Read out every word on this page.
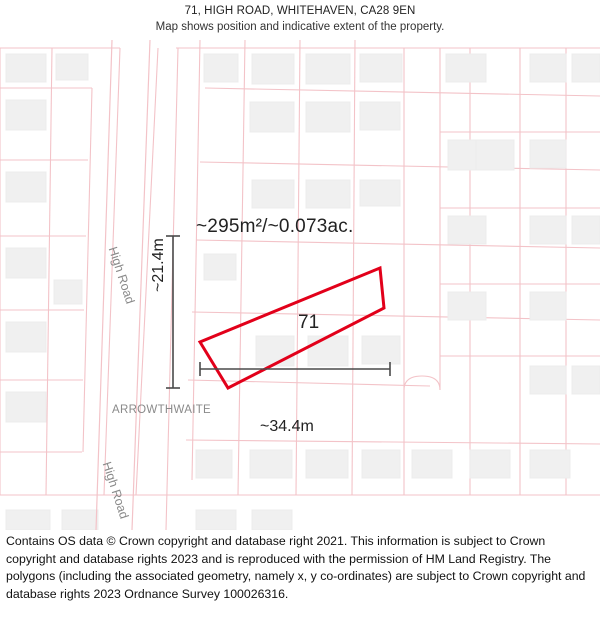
71, HIGH ROAD, WHITEHAVEN, CA28 9EN
Map shows position and indicative extent of the property.
~295m²/~0.073ac.
71
~34.4m
~21.4m
High Road
High Road
ARROWTHWAITE
Contains OS data © Crown copyright and database right 2021. This information is subject to Crown copyright and database rights 2023 and is reproduced with the permission of HM Land Registry. The polygons (including the associated geometry, namely x, y co-ordinates) are subject to Crown copyright and database rights 2023 Ordnance Survey 100026316.
